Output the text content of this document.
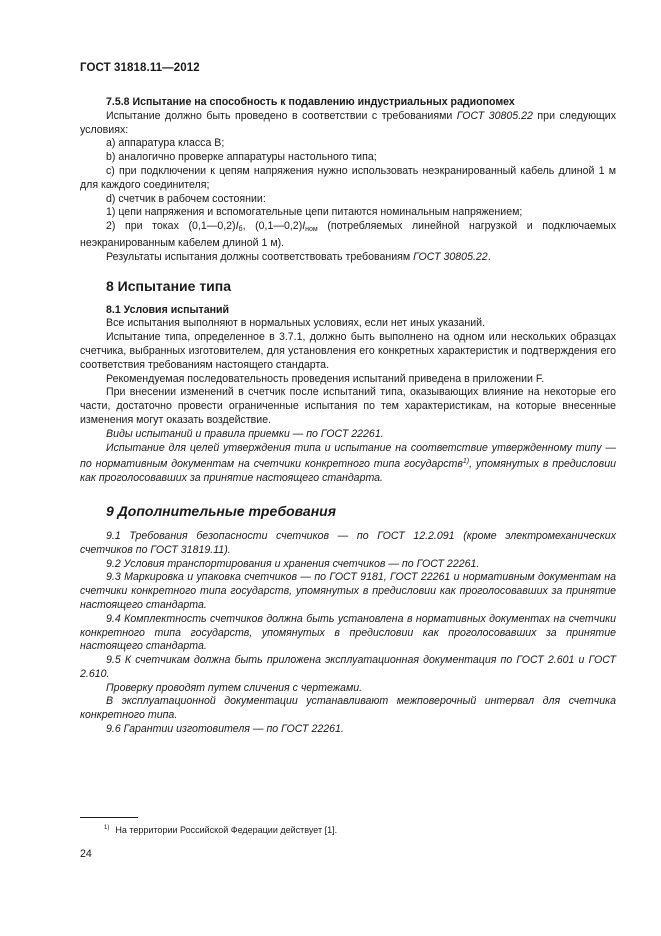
ГОСТ 31818.11—2012

7.5.8 Испытание на способность к подавлению индустриальных радиопомех

Испытание должно быть проведено в соответствии с требованиями ГОСТ 30805.22 при следующих условиях:

а) аппаратура класса B;

b) аналогично проверке аппаратуры настольного типа;

с) при подключении к цепям напряжения нужно использовать неэкранированный кабель длиной 1 м для каждого соединителя;

d) счетчик в рабочем состоянии:

1) цепи напряжения и вспомогательные цепи питаются номинальным напряжением;

2) при токах $(0,1—0,2)I_б$, $(0,1—0,2)I_{ном}$ (потребляемых линейной нагрузкой и подключаемых неэкранированным кабелем длиной 1 м).

Результаты испытания должны соответствовать требованиям ГОСТ 30805.22.

8 Испытание типа

8.1 Условия испытаний

Все испытания выполняют в нормальных условиях, если нет иных указаний.

Испытание типа, определенное в 3.7.1, должно быть выполнено на одном или нескольких образцах счетчика, выбранных изготовителем, для установления его конкретных характеристик и подтверждения его соответствия требованиям настоящего стандарта.

Рекомендуемая последовательность проведения испытаний приведена в приложении F.

При внесении изменений в счетчик после испытаний типа, оказывающих влияние на некоторые его части, достаточно провести ограниченные испытания по тем характеристикам, на которые внесенные изменения могут оказать воздействие.

Виды испытаний и правила приемки — по ГОСТ 22261.

Испытание для целей утверждения типа и испытание на соответствие утвержденному типу — по нормативным документам на счетчики конкретного типа государств$^{1)}$, упомянутых в предисловии как проголосовавших за принятие настоящего стандарта.

9 Дополнительные требования

9.1 Требования безопасности счетчиков — по ГОСТ 12.2.091 (кроме электромеханических счетчиков по ГОСТ 31819.11).

9.2 Условия транспортирования и хранения счетчиков — по ГОСТ 22261.

9.3 Маркировка и упаковка счетчиков — по ГОСТ 9181, ГОСТ 22261 и нормативным документам на счетчики конкретного типа государств, упомянутых в предисловии как проголосовавших за принятие настоящего стандарта.

9.4 Комплектность счетчиков должна быть установлена в нормативных документах на счетчики конкретного типа государств, упомянутых в предисловии как проголосовавших за принятие настоящего стандарта.

9.5 К счетчикам должна быть приложена эксплуатационная документация по ГОСТ 2.601 и ГОСТ 2.610.

Проверку проводят путем сличения с чертежами.

В эксплуатационной документации устанавливают межповерочный интервал для счетчика конкретного типа.

9.6 Гарантии изготовителя — по ГОСТ 22261.

$^{1)}$ На территории Российской Федерации действует [1].
24
